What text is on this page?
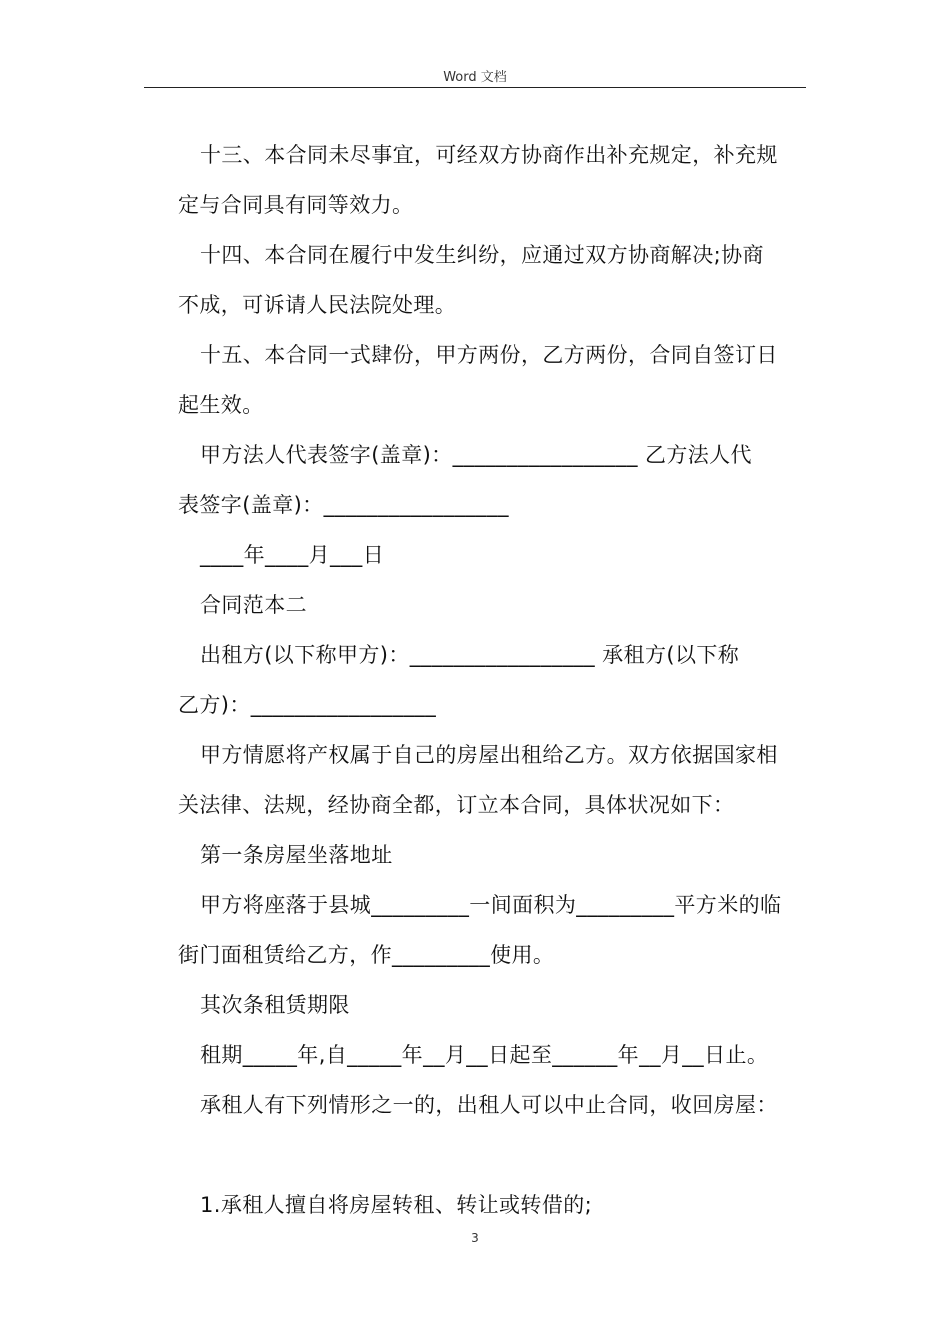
Word 文档
十三、本合同未尽事宜，可经双方协商作出补充规定，补充规
定与合同具有同等效力。
十四、本合同在履行中发生纠纷，应通过双方协商解决;协商
不成，可诉请人民法院处理。
十五、本合同一式肆份，甲方两份，乙方两份，合同自签订日
起生效。
甲方法人代表签字(盖章)：_________________ 乙方法人代
表签字(盖章)：_________________
____年____月___日
合同范本二
出租方(以下称甲方)：_________________ 承租方(以下称
乙方)：_________________
甲方情愿将产权属于自己的房屋出租给乙方。双方依据国家相
关法律、法规，经协商全都，订立本合同，具体状况如下：
第一条房屋坐落地址
甲方将座落于县城_________一间面积为_________平方米的临
街门面租赁给乙方，作_________使用。
其次条租赁期限
租期_____年,自_____年__月__日起至______年__月__日止。
承租人有下列情形之一的，出租人可以中止合同，收回房屋：
1.承租人擅自将房屋转租、转让或转借的;
3
